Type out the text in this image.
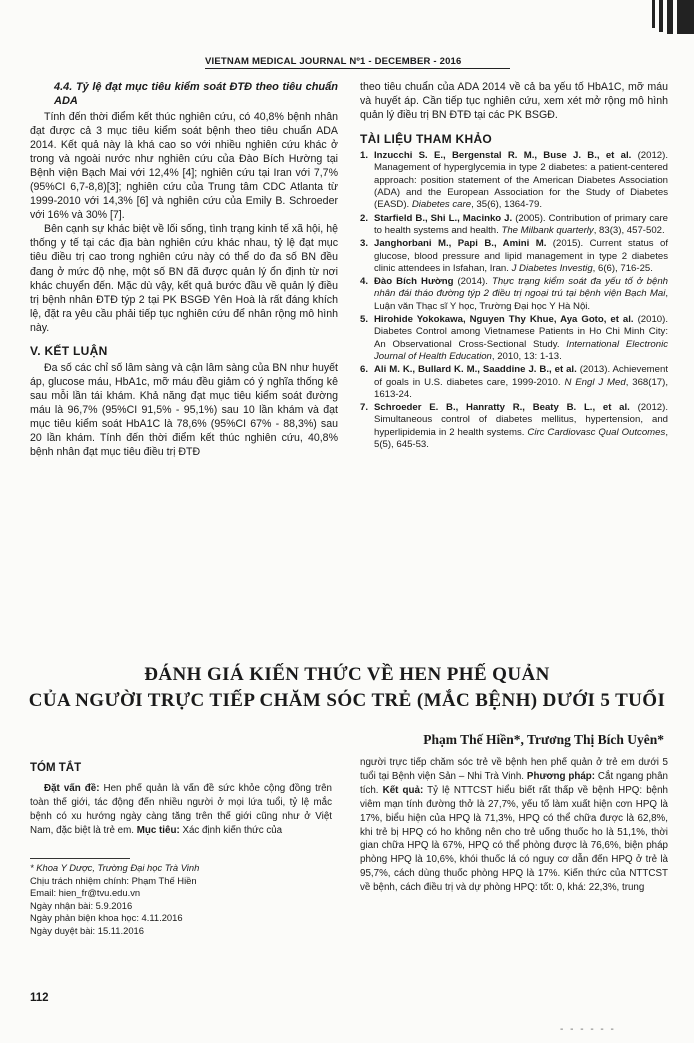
VIETNAM MEDICAL JOURNAL Nº1 - DECEMBER - 2016
4.4. Tỷ lệ đạt mục tiêu kiểm soát ĐTĐ theo tiêu chuẩn ADA

Tính đến thời điểm kết thúc nghiên cứu, có 40,8% bệnh nhân đạt được cả 3 mục tiêu kiểm soát bệnh theo tiêu chuẩn ADA 2014. Kết quả này là khá cao so với nhiều nghiên cứu khác ở trong và ngoài nước như nghiên cứu của Đào Bích Hường tại Bệnh viện Bạch Mai với 12,4% [4]; nghiên cứu tại Iran với 7,7% (95%CI 6,7-8,8)[3]; nghiên cứu của Trung tâm CDC Atlanta từ 1999-2010 với 14,3% [6] và nghiên cứu của Emily B. Schroeder với 16% và 30% [7].

Bên cạnh sự khác biệt về lối sống, tình trạng kinh tế xã hội, hệ thống y tế tại các địa bàn nghiên cứu khác nhau, tỷ lệ đạt mục tiêu điều trị cao trong nghiên cứu này có thể do đa số BN đều đang ở mức độ nhẹ, một số BN đã được quản lý ổn định từ nơi khác chuyển đến. Mặc dù vậy, kết quả bước đầu về quản lý điều trị bệnh nhân ĐTĐ týp 2 tại PK BSGĐ Yên Hoà là rất đáng khích lệ, đặt ra yêu cầu phải tiếp tục nghiên cứu để nhân rộng mô hình này.

V. KẾT LUẬN

Đa số các chỉ số lâm sàng và cận lâm sàng của BN như huyết áp, glucose máu, HbA1c, mỡ máu đều giảm có ý nghĩa thống kê sau mỗi lần tái khám. Khả năng đạt mục tiêu kiểm soát đường máu là 96,7% (95%CI 91,5% - 95,1%) sau 10 lần khám và đạt mục tiêu kiểm soát HbA1C là 78,6% (95%CI 67% - 88,3%) sau 20 lần khám. Tính đến thời điểm kết thúc nghiên cứu, 40,8% bệnh nhân đạt mục tiêu điều trị ĐTĐ

theo tiêu chuẩn của ADA 2014 về cả ba yếu tố HbA1C, mỡ máu và huyết áp. Cần tiếp tục nghiên cứu, xem xét mở rộng mô hình quản lý điều trị BN ĐTĐ tại các PK BSGĐ.

TÀI LIỆU THAM KHẢO
1. Inzucchi S. E., Bergenstal R. M., Buse J. B., et al. (2012). Management of hyperglycemia in type 2 diabetes: a patient-centered approach: position statement of the American Diabetes Association (ADA) and the European Association for the Study of Diabetes (EASD). Diabetes care, 35(6), 1364-79.
2. Starfield B., Shi L., Macinko J. (2005). Contribution of primary care to health systems and health. The Milbank quarterly, 83(3), 457-502.
3. Janghorbani M., Papi B., Amini M. (2015). Current status of glucose, blood pressure and lipid management in type 2 diabetes clinic attendees in Isfahan, Iran. J Diabetes Investig, 6(6), 716-25.
4. Đào Bích Hường (2014). Thực trạng kiểm soát đa yếu tố ở bệnh nhân đái tháo đường týp 2 điều trị ngoại trú tại bệnh viện Bạch Mai, Luận văn Thạc sĩ Y học, Trường Đại học Y Hà Nội.
5. Hirohide Yokokawa, Nguyen Thy Khue, Aya Goto, et al. (2010). Diabetes Control among Vietnamese Patients in Ho Chi Minh City: An Observational Cross-Sectional Study. International Electronic Journal of Health Education, 2010, 13: 1-13.
6. Ali M. K., Bullard K. M., Saaddine J. B., et al. (2013). Achievement of goals in U.S. diabetes care, 1999-2010. N Engl J Med, 368(17), 1613-24.
7. Schroeder E. B., Hanratty R., Beaty B. L., et al. (2012). Simultaneous control of diabetes mellitus, hypertension, and hyperlipidemia in 2 health systems. Circ Cardiovasc Qual Outcomes, 5(5), 645-53.
ĐÁNH GIÁ KIẾN THỨC VỀ HEN PHẾ QUẢN
CỦA NGƯỜI TRỰC TIẾP CHĂM SÓC TRẺ (MẮC BỆNH) DƯỚI 5 TUỔI
Phạm Thế Hiền*, Trương Thị Bích Uyên*
TÓM TẮT
Đặt vấn đề: Hen phế quản là vấn đề sức khỏe cộng đồng trên toàn thế giới, tác động đến nhiều người ở mọi lứa tuổi, tỷ lệ mắc bệnh có xu hướng ngày càng tăng trên thế giới cũng như ở Việt Nam, đặc biệt là trẻ em. Mục tiêu: Xác định kiến thức của
* Khoa Y Dược, Trường Đại học Trà Vinh
Chịu trách nhiệm chính: Phạm Thế Hiền
Email: hien_fr@tvu.edu.vn
Ngày nhận bài: 5.9.2016
Ngày phản biện khoa học: 4.11.2016
Ngày duyệt bài: 15.11.2016
người trực tiếp chăm sóc trẻ về bệnh hen phế quản ở trẻ em dưới 5 tuổi tại Bệnh viện Sản – Nhi Trà Vinh. Phương pháp: Cắt ngang phân tích. Kết quả: Tỷ lệ NTTCST hiểu biết rất thấp về bệnh HPQ: bệnh viêm mạn tính đường thở là 27,7%, yếu tố làm xuất hiện cơn HPQ là 17%, biểu hiện của HPQ là 71,3%, HPQ có thể chữa được là 62,8%, khi trẻ bị HPQ có ho không nên cho trẻ uống thuốc ho là 51,1%, thời gian chữa HPQ là 67%, HPQ có thể phòng được là 76,6%, biện pháp phòng HPQ là 10,6%, khói thuốc lá có nguy cơ dẫn đến HPQ ở trẻ là 95,7%, cách dùng thuốc phòng HPQ là 17%. Kiến thức của NTTCST về bệnh, cách điều trị và dự phòng HPQ: tốt: 0, khá: 22,3%, trung
112
- - - - - -
